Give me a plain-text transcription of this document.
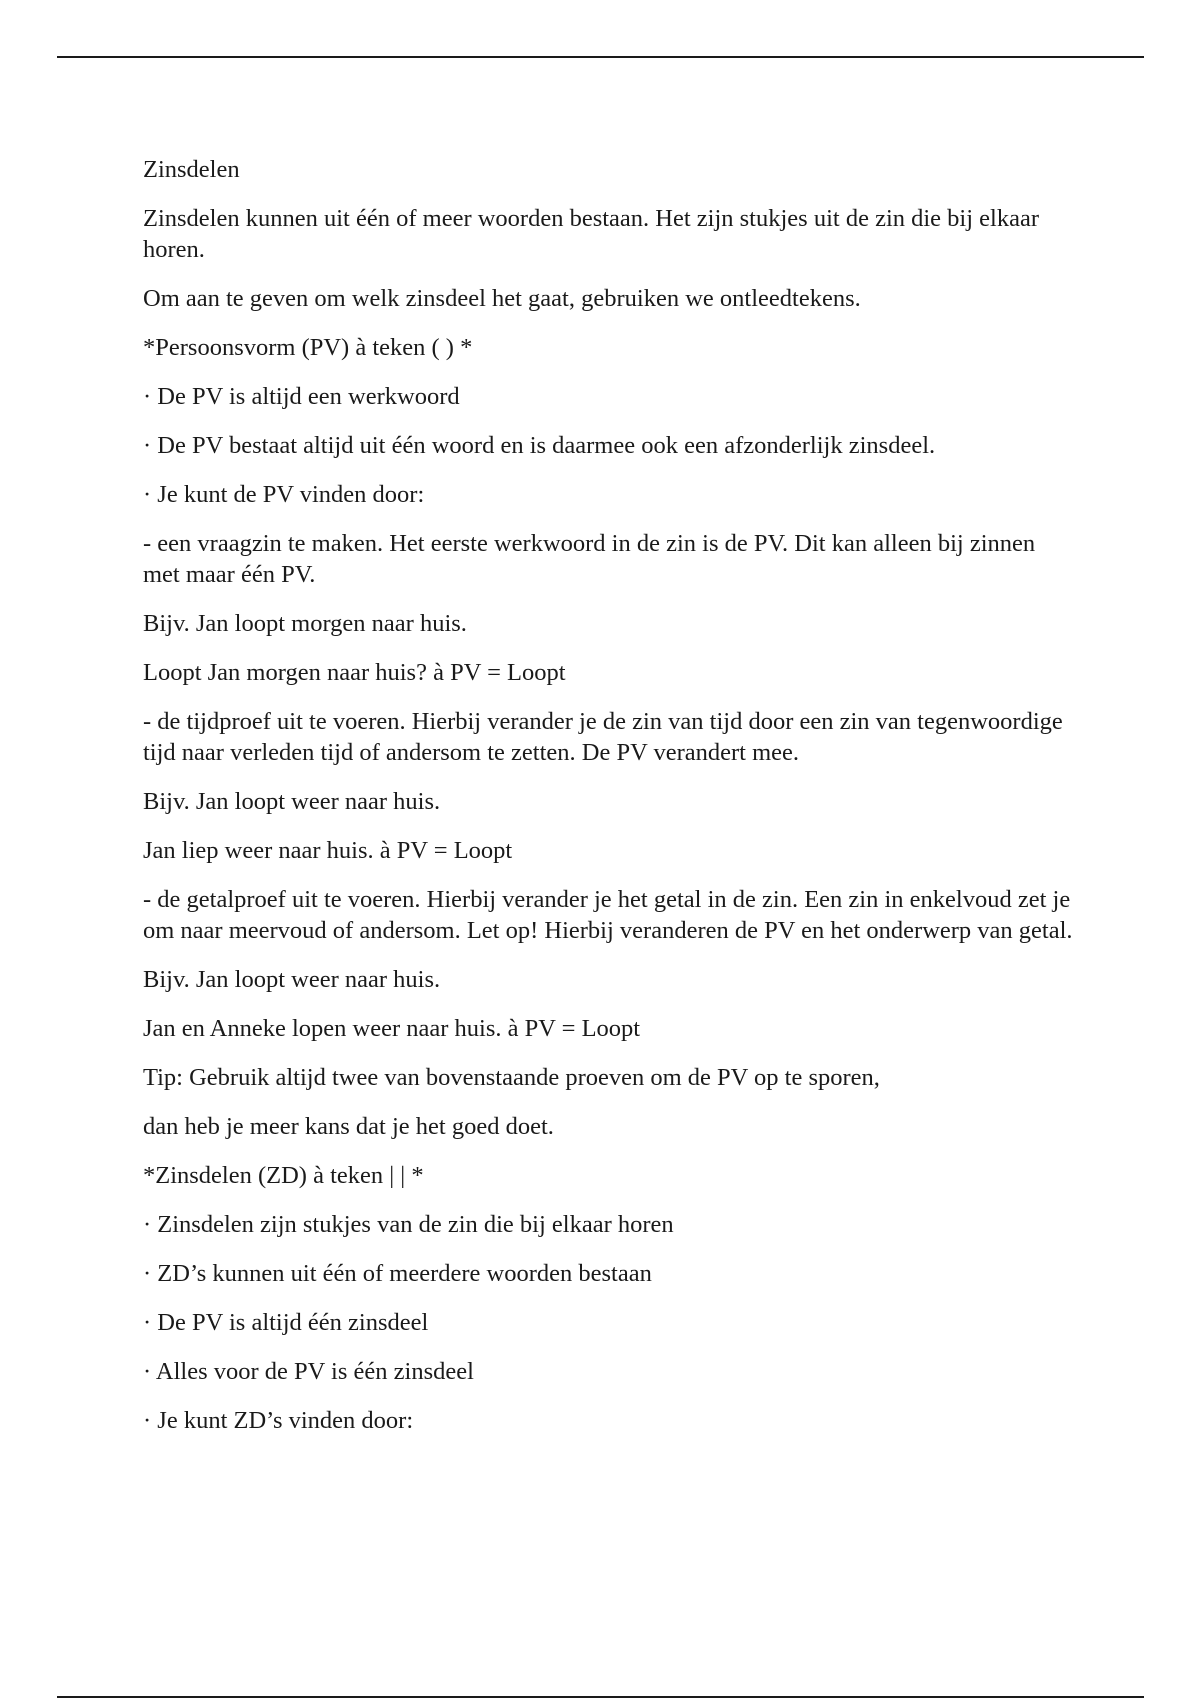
Zinsdelen

Zinsdelen kunnen uit één of meer woorden bestaan. Het zijn stukjes uit de zin die bij elkaar horen.

Om aan te geven om welk zinsdeel het gaat, gebruiken we ontleedtekens.

*Persoonsvorm (PV) à teken ( ) *

· De PV is altijd een werkwoord

· De PV bestaat altijd uit één woord en is daarmee ook een afzonderlijk zinsdeel.

· Je kunt de PV vinden door:

- een vraagzin te maken. Het eerste werkwoord in de zin is de PV. Dit kan alleen bij zinnen met maar één PV.

Bijv. Jan loopt morgen naar huis.

Loopt Jan morgen naar huis? à PV = Loopt

- de tijdproef uit te voeren. Hierbij verander je de zin van tijd door een zin van tegenwoordige tijd naar verleden tijd of andersom te zetten. De PV verandert mee.

Bijv. Jan loopt weer naar huis.

Jan liep weer naar huis. à PV = Loopt

- de getalproef uit te voeren. Hierbij verander je het getal in de zin. Een zin in enkelvoud zet je om naar meervoud of andersom. Let op! Hierbij veranderen de PV en het onderwerp van getal.

Bijv. Jan loopt weer naar huis.

Jan en Anneke lopen weer naar huis. à PV = Loopt

Tip: Gebruik altijd twee van bovenstaande proeven om de PV op te sporen,

dan heb je meer kans dat je het goed doet.

*Zinsdelen (ZD) à teken | | *

· Zinsdelen zijn stukjes van de zin die bij elkaar horen

· ZD’s kunnen uit één of meerdere woorden bestaan

· De PV is altijd één zinsdeel

· Alles voor de PV is één zinsdeel

· Je kunt ZD’s vinden door:
